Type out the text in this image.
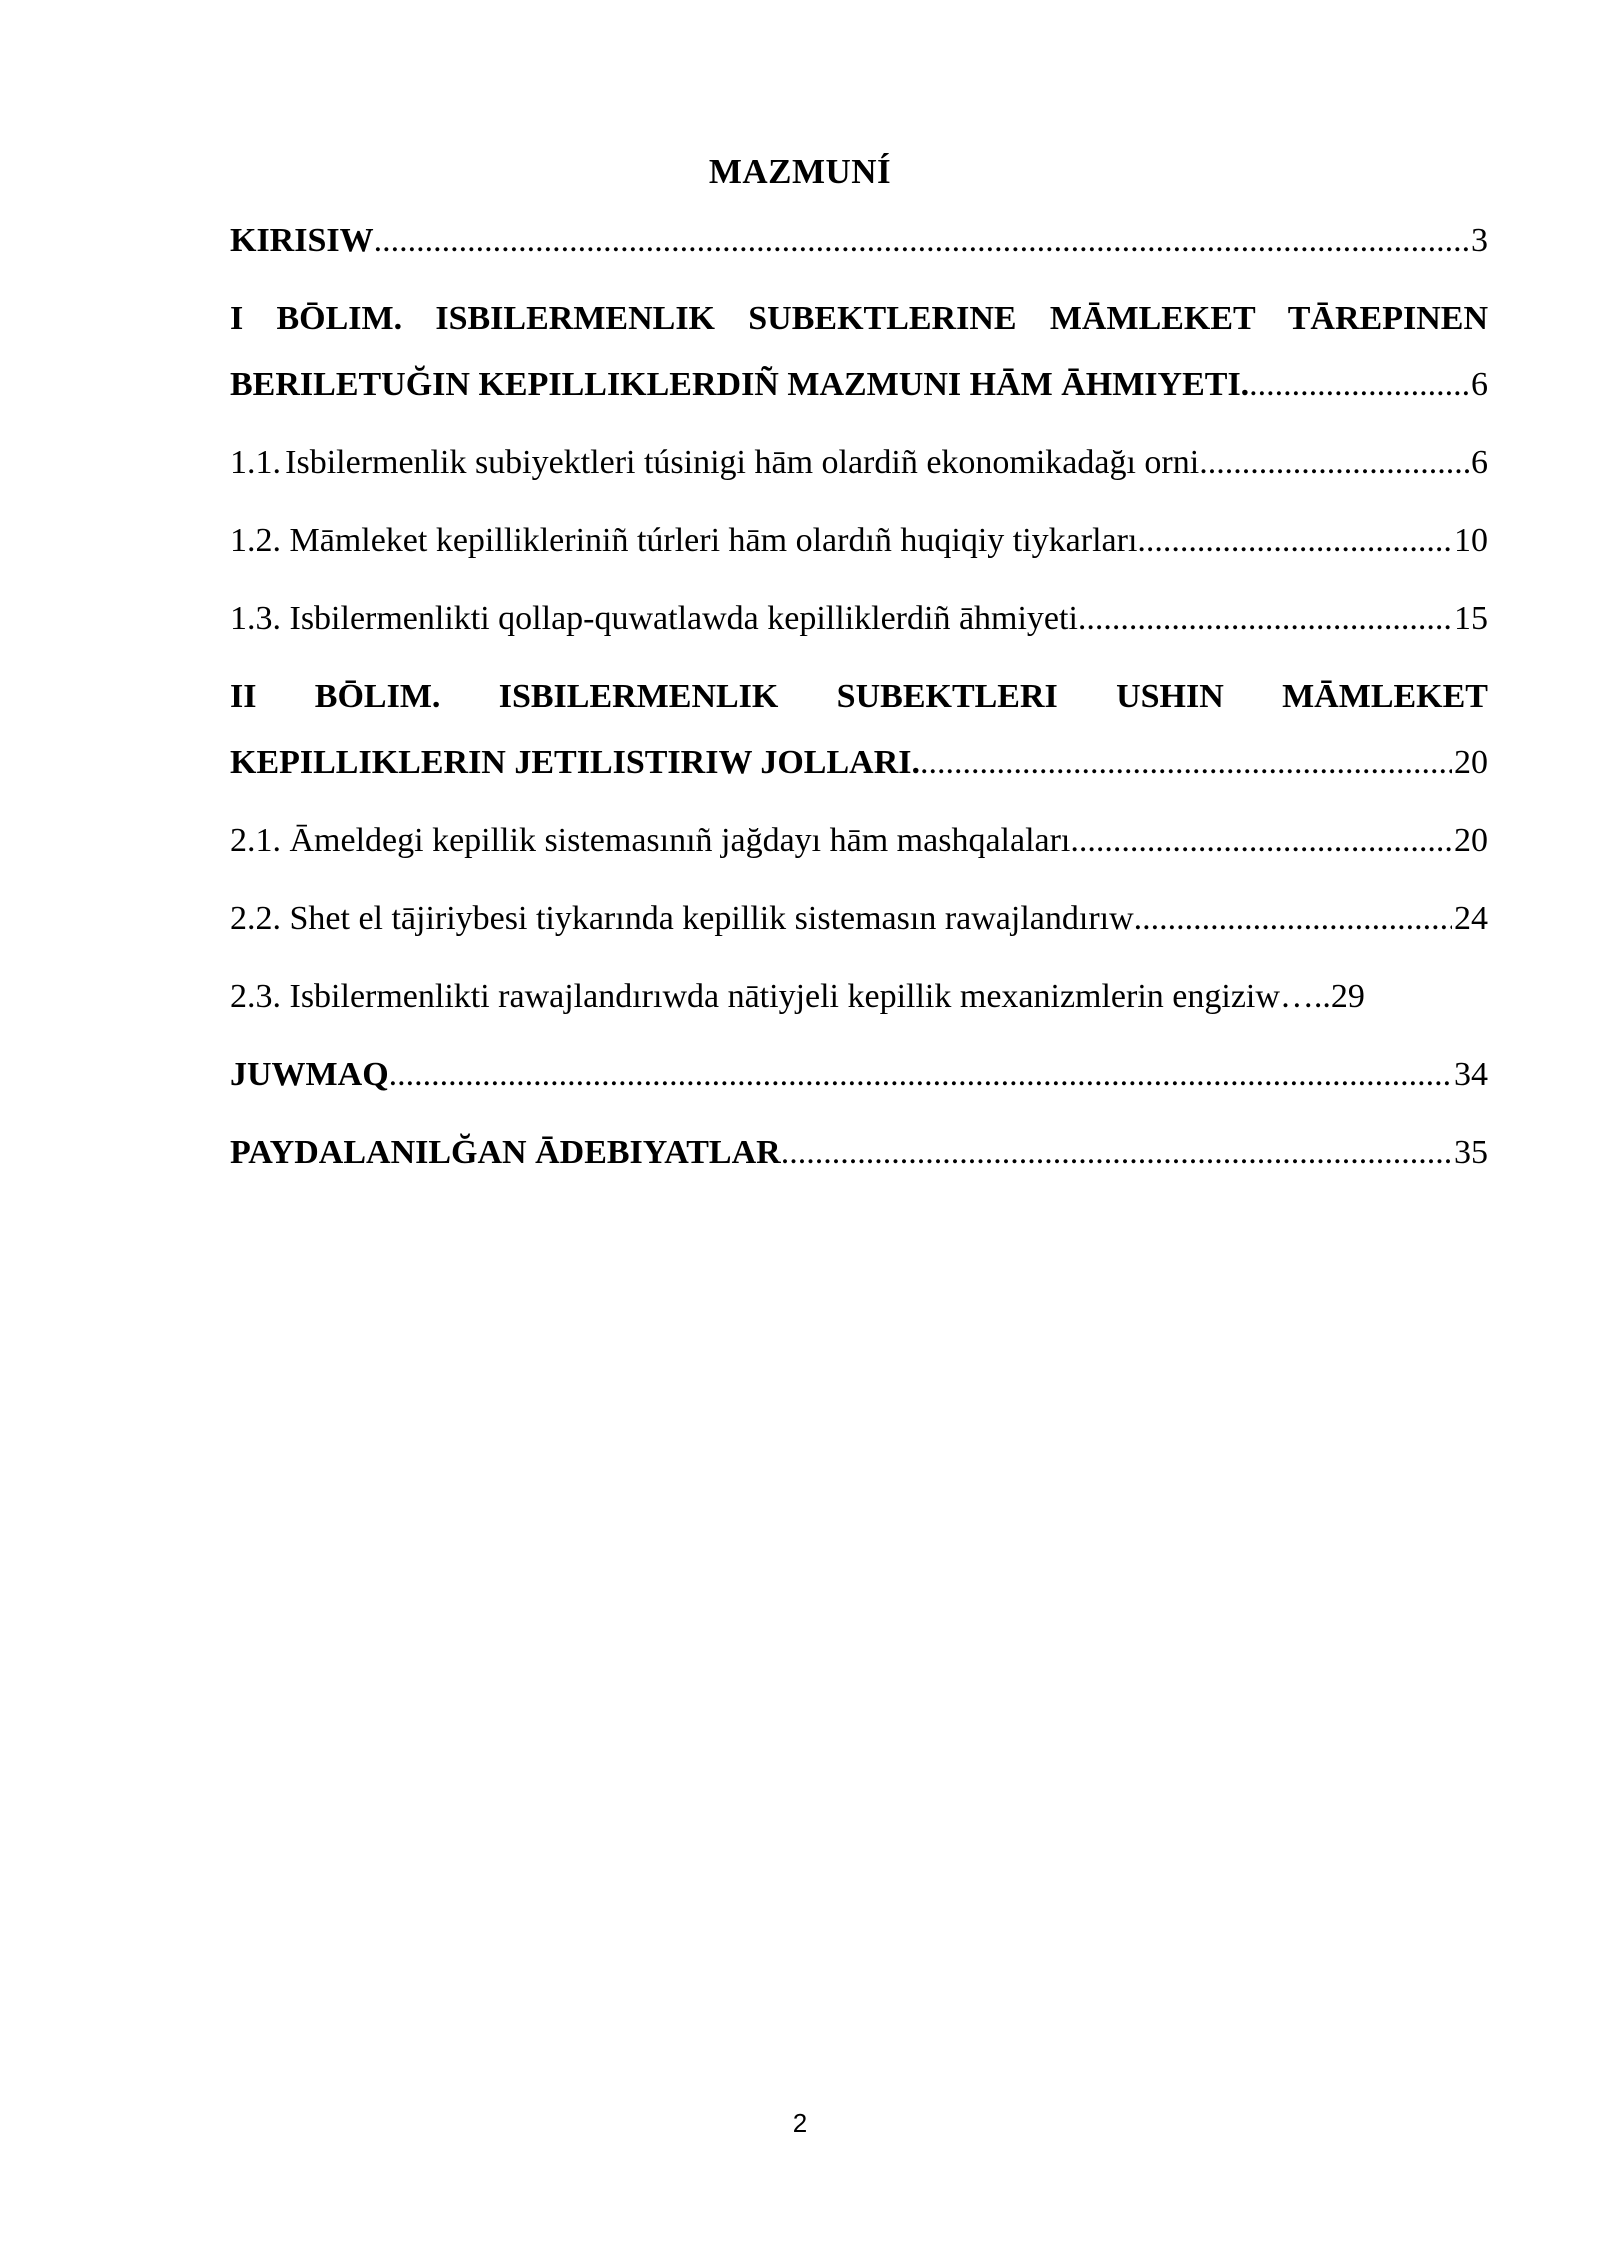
MAZMUNÍ
KIRISIW .....	3
I BŌLIM. ISBILERMENLIK SUBEKTLERINE MĀMLEKET TĀREPINEN
BERILETUĞIN KEPILLIKLERDIÑ MAZMUNI HĀM ĀHMIYETI. .....	6
1.1. Isbilermenlik subiyektleri túsinigi hām olardiñ ekonomikadağı orni .....	6
1.2. Māmleket kepillikleriniñ túrleri hām olardıñ huqiqiy tiykarları .....	10
1.3. Isbilermenlikti qollap-quwatlawda kepilliklerdiñ āhmiyeti .....	15
II BŌLIM. ISBILERMENLIK SUBEKTLERI USHIN MĀMLEKET
KEPILLIKLERIN JETILISTIRIW JOLLARI. .....	20
2.1. Āmeldegi kepillik sistemasınıñ jağdayı hām mashqalaları .....	20
2.2. Shet el tājiriybesi tiykarında kepillik sistemasın rawajlandırıw .....	24
2.3. Isbilermenlikti rawajlandırıwda nātiyjeli kepillik mexanizmlerin engiziw….. 29
JUWMAQ .....	34
PAYDALANILĞAN ĀDEBIYATLAR .....	35
2
